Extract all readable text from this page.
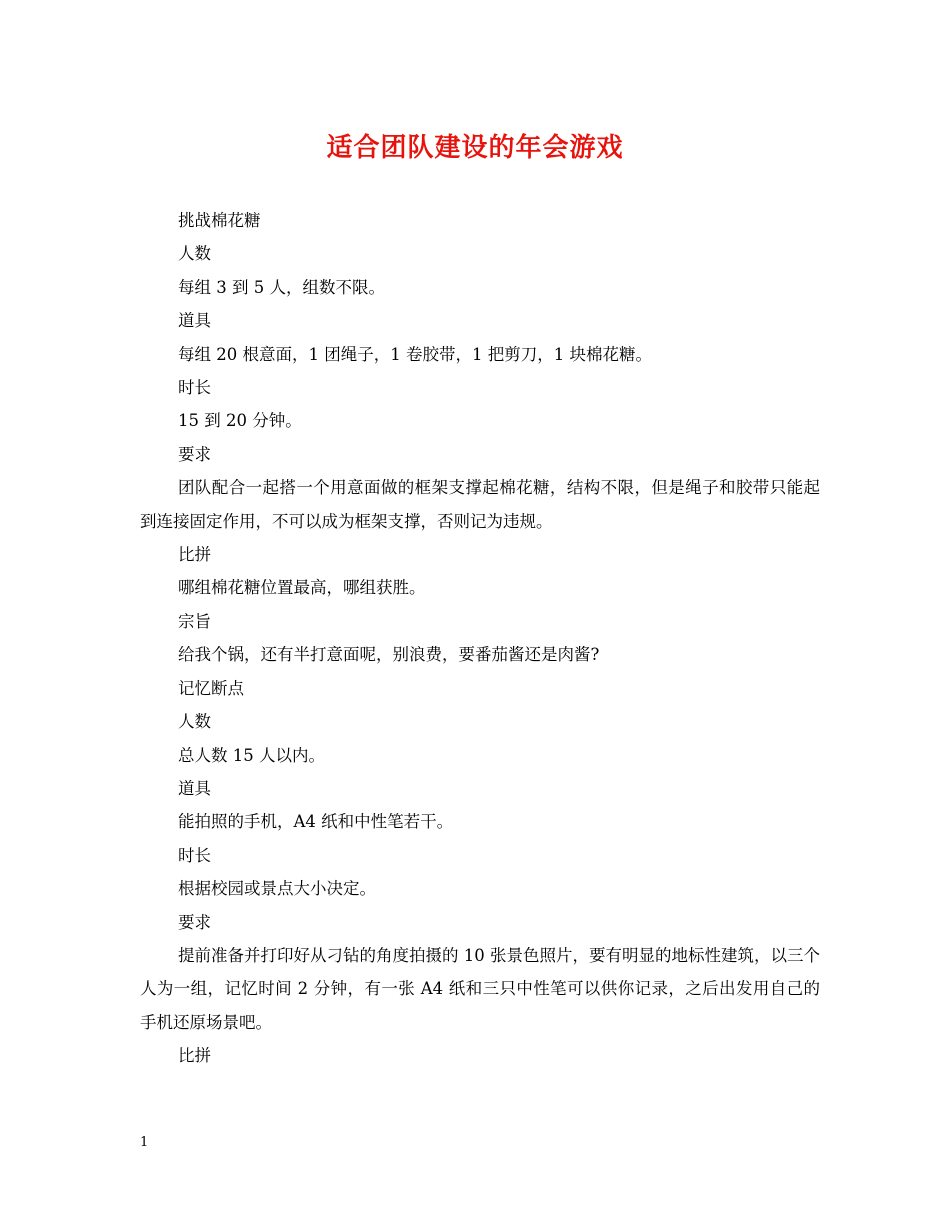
适合团队建设的年会游戏

挑战棉花糖

人数

每组 3 到 5 人，组数不限。

道具

每组 20 根意面，1 团绳子，1 卷胶带，1 把剪刀，1 块棉花糖。

时长

15 到 20 分钟。

要求

团队配合一起搭一个用意面做的框架支撑起棉花糖，结构不限，但是绳子和胶带只能起到连接固定作用，不可以成为框架支撑，否则记为违规。

比拼

哪组棉花糖位置最高，哪组获胜。

宗旨

给我个锅，还有半打意面呢，别浪费，要番茄酱还是肉酱?

记忆断点

人数

总人数 15 人以内。

道具

能拍照的手机，A4 纸和中性笔若干。

时长

根据校园或景点大小决定。

要求

提前准备并打印好从刁钻的角度拍摄的 10 张景色照片，要有明显的地标性建筑，以三个人为一组，记忆时间 2 分钟，有一张 A4 纸和三只中性笔可以供你记录，之后出发用自己的手机还原场景吧。

比拼

1
